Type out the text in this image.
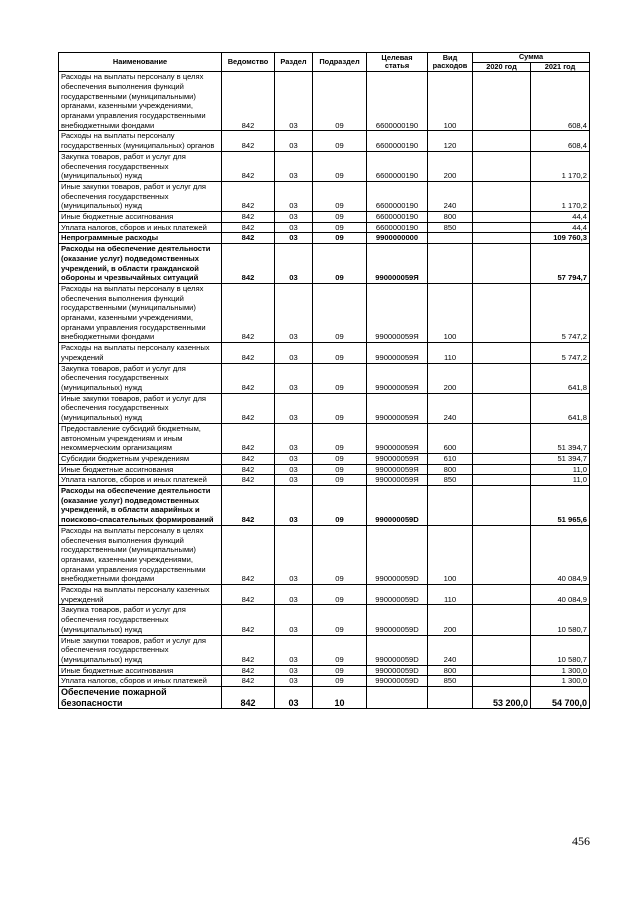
Наименование	Ведомство	Раздел	Подраздел	Целевая статья	Вид расходов	Сумма	
						2020 год	2021 год
Расходы на выплаты персоналу в целях обеспечения выполнения функций государственными (муниципальными) органами, казенными учреждениями, органами управления государственными внебюджетными фондами	842	03	09	6600000190	100		608,4
Расходы на выплаты персоналу государственных (муниципальных) органов	842	03	09	6600000190	120		608,4
Закупка товаров, работ и услуг для обеспечения государственных (муниципальных) нужд	842	03	09	6600000190	200		1 170,2
Иные закупки товаров, работ и услуг для обеспечения государственных (муниципальных) нужд	842	03	09	6600000190	240		1 170,2
Иные бюджетные ассигнования	842	03	09	6600000190	800		44,4
Уплата налогов, сборов и иных платежей	842	03	09	6600000190	850		44,4
Непрограммные расходы	842	03	09	9900000000			109 760,3
Расходы на обеспечение деятельности (оказание услуг) подведомственных учреждений, в области гражданской обороны и чрезвычайных ситуаций	842	03	09	990000059Я			57 794,7
Расходы на выплаты персоналу в целях обеспечения выполнения функций государственными (муниципальными) органами, казенными учреждениями, органами управления государственными внебюджетными фондами	842	03	09	990000059Я	100		5 747,2
Расходы на выплаты персоналу казенных учреждений	842	03	09	990000059Я	110		5 747,2
Закупка товаров, работ и услуг для обеспечения государственных (муниципальных) нужд	842	03	09	990000059Я	200		641,8
Иные закупки товаров, работ и услуг для обеспечения государственных (муниципальных) нужд	842	03	09	990000059Я	240		641,8
Предоставление субсидий бюджетным, автономным учреждениям и иным некоммерческим организациям	842	03	09	990000059Я	600		51 394,7
Субсидии бюджетным учреждениям	842	03	09	990000059Я	610		51 394,7
Иные бюджетные ассигнования	842	03	09	990000059Я	800		11,0
Уплата налогов, сборов и иных платежей	842	03	09	990000059Я	850		11,0
Расходы на обеспечение деятельности (оказание услуг) подведомственных учреждений, в области аварийных и поисково-спасательных формирований	842	03	09	990000059D			51 965,6
Расходы на выплаты персоналу в целях обеспечения выполнения функций государственными (муниципальными) органами, казенными учреждениями, органами управления государственными внебюджетными фондами	842	03	09	990000059D	100		40 084,9
Расходы на выплаты персоналу казенных учреждений	842	03	09	990000059D	110		40 084,9
Закупка товаров, работ и услуг для обеспечения государственных (муниципальных) нужд	842	03	09	990000059D	200		10 580,7
Иные закупки товаров, работ и услуг для обеспечения государственных (муниципальных) нужд	842	03	09	990000059D	240		10 580,7
Иные бюджетные ассигнования	842	03	09	990000059D	800		1 300,0
Уплата налогов, сборов и иных платежей	842	03	09	990000059D	850		1 300,0
Обеспечение пожарной безопасности	842	03	10			53 200,0	54 700,0
456
